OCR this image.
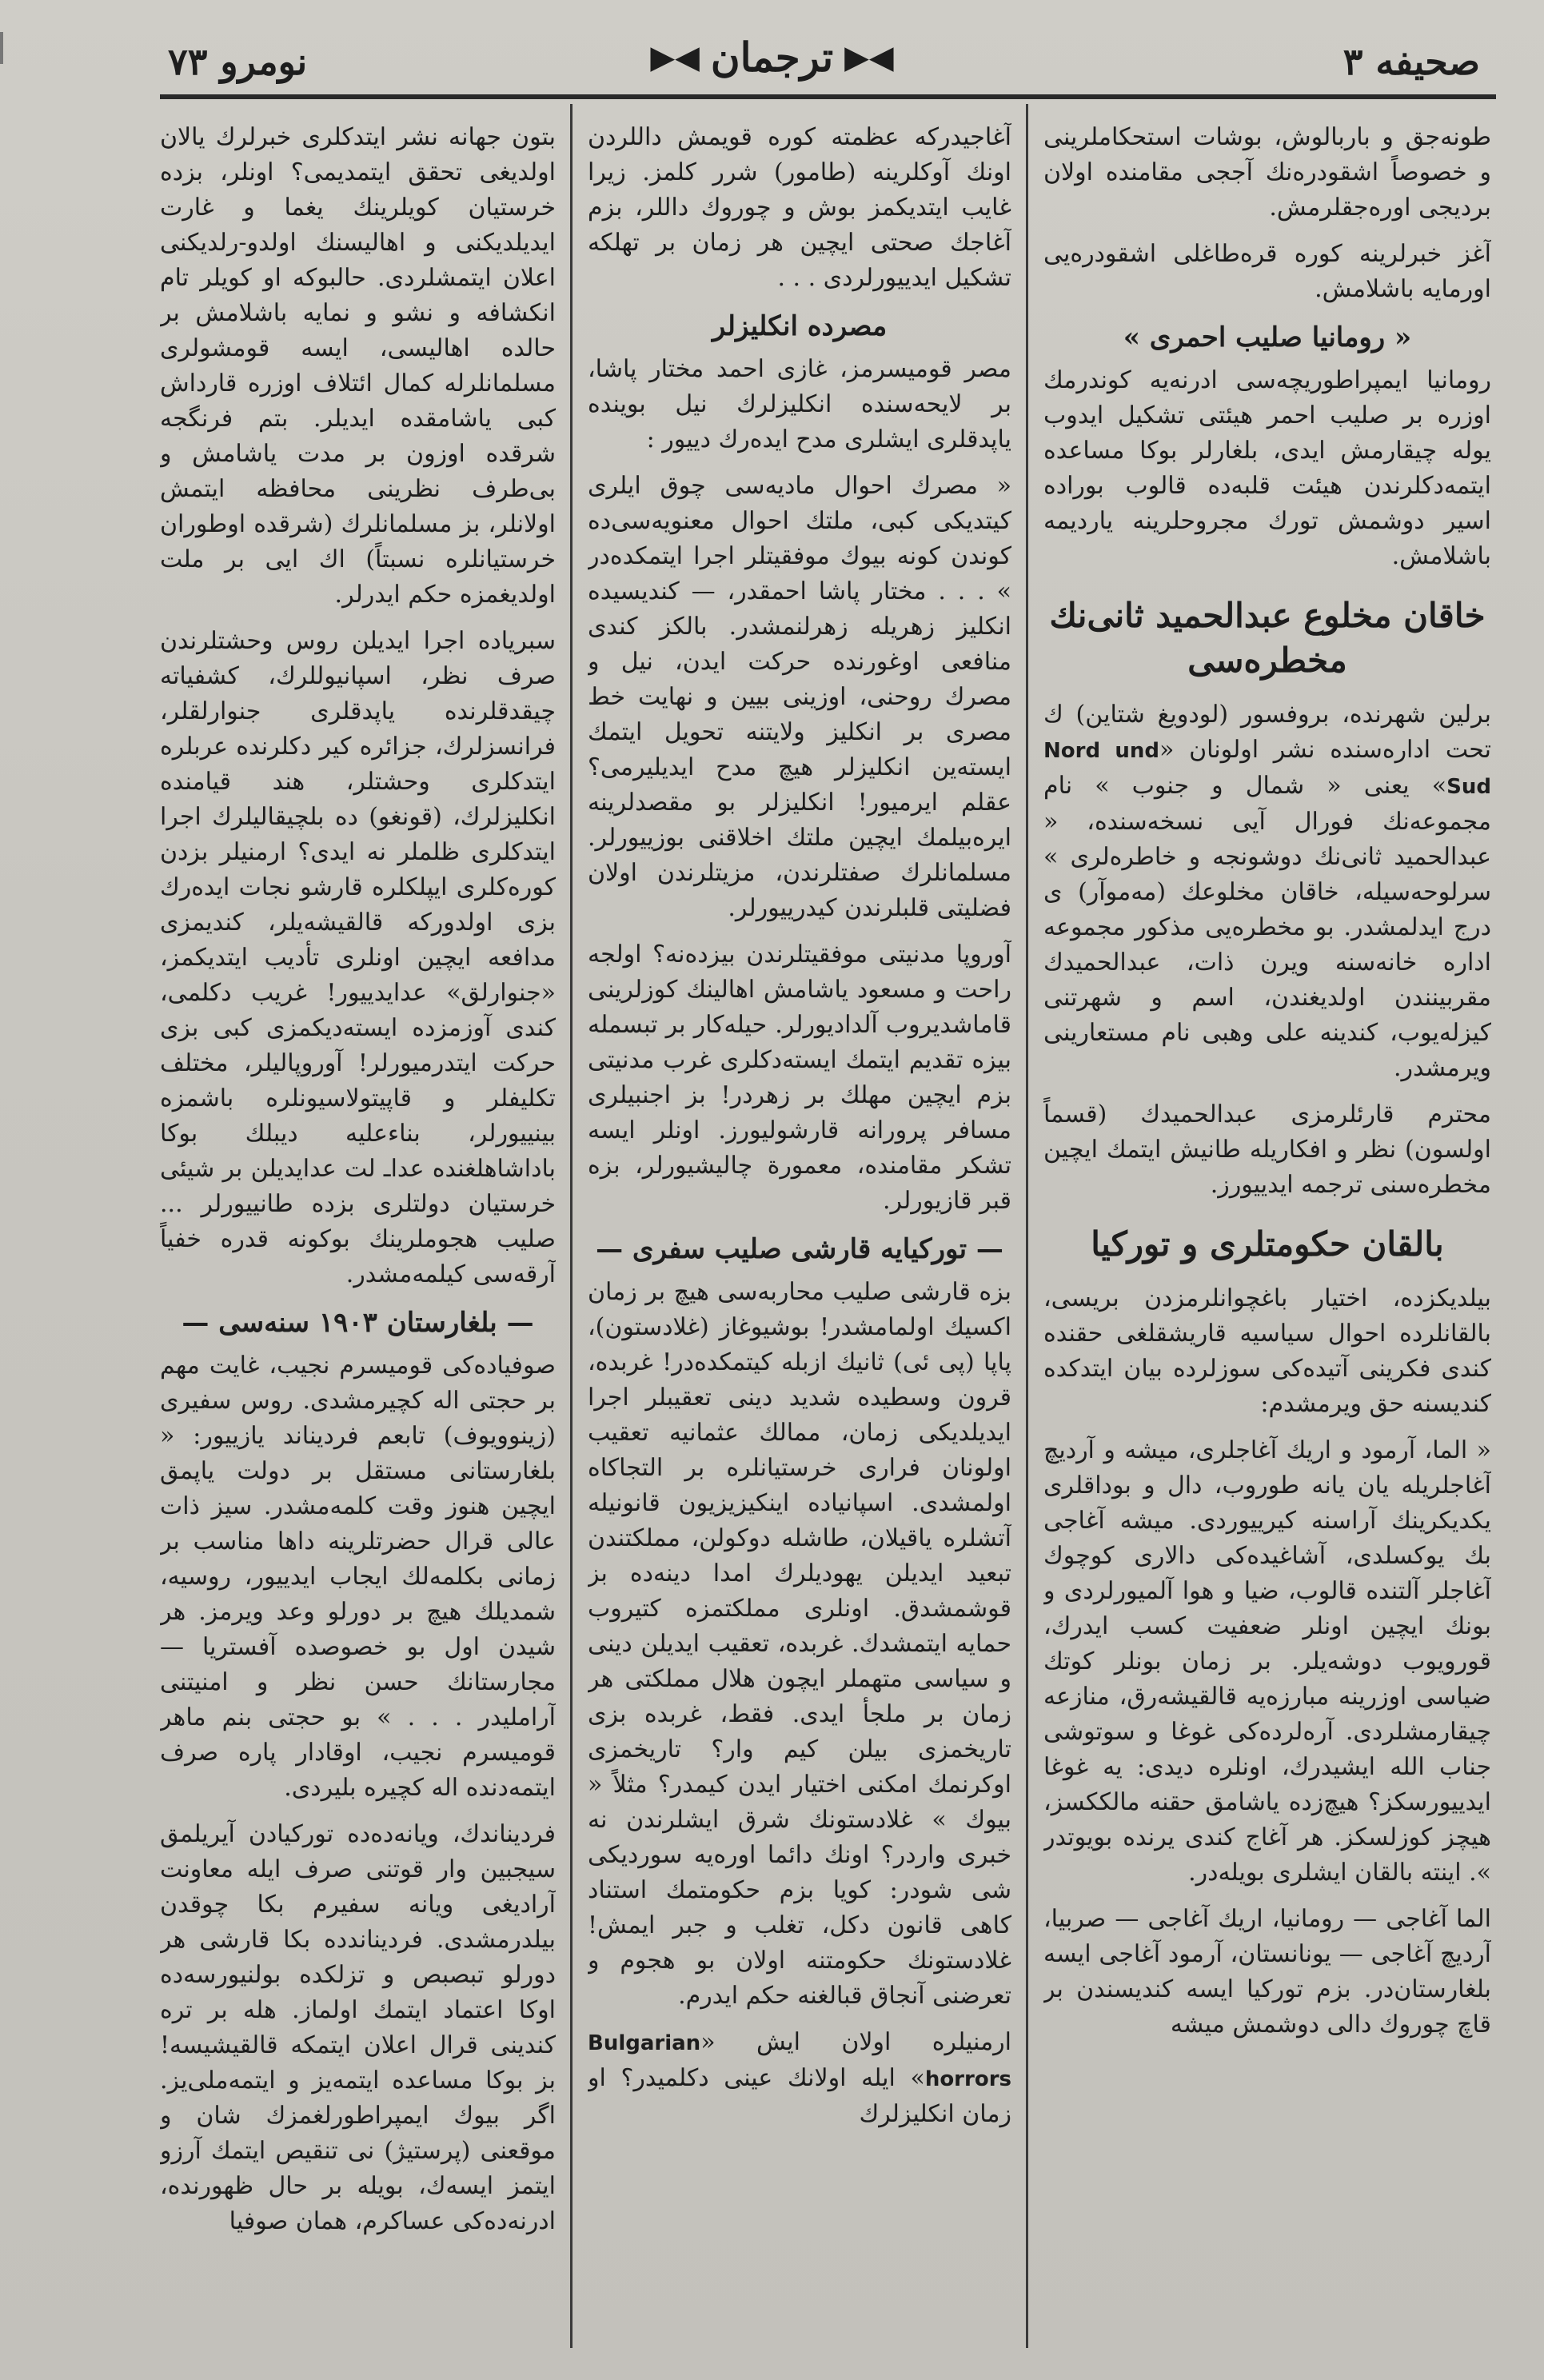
صحيفه ٣
◀▶
ترجمان
◀▶
نومرو ٧٣

طونه‌جق و باربالوش، بوشات استحكاملرینی و خصوصاً اشقودره‌نك آججى مقامنده اولان بردیجى اوره‌جقلرمش.

آغز خبرلرینه كوره قره‌طاغلى اشقودره‌یى اورمایه باشلامش.

« رومانیا صلیب احمرى »

رومانیا ایمپراطوریچه‌سى ادرنه‌یه كوندرمك اوزره بر صلیب احمر هیئتى تشكیل ایدوب یوله چیقارمش ایدى، بلغارلر بوكا مساعده ایتمه‌دكلرندن هیئت قلبه‌ده قالوب بوراده اسیر دوشمش تورك مجروحلرینه یاردیمه باشلامش.

خاقان مخلوع عبدالحمید ثانی‌نك مخطره‌سى

برلین شهرنده، بروفسور (لودویغ شتاین) ك تحت اداره‌سنده نشر اولونان «Nord und Sud» یعنى « شمال و جنوب » نام مجموعه‌نك فورال آیى نسخه‌سنده، « عبدالحمید ثانى‌نك دوشونجه و خاطره‌لرى » سرلوحه‌سیله، خاقان مخلوعك (مه‌موآر) ى درج ایدلمشدر. بو مخطره‌یى مذكور مجموعه اداره خانه‌سنه ویرن ذات، عبدالحمیدك مقربینندن اولدیغندن، اسم و شهرتنى كیزله‌یوب، كندینه على وهبى نام مستعارینى ویرمشدر.

محترم قارئلرمزى عبدالحمیدك (قسماً اولسون) نظر و افكاریله طانیش ایتمك ایچین مخطره‌سنى ترجمه ایدییورز.

بالقان حكومتلرى و توركیا

بیلدیكزده، اختیار باغچوانلرمزدن بریسى، بالقانلرده احوال سیاسیه قاریشقلغى حقنده كندى فكرینى آتیده‌كى سوزلرده بیان ایتدكده كندیسنه حق ویرمشدم:

« الما، آرمود و اریك آغاجلرى، میشه و آردیچ آغاجلریله یان یانه طوروب، دال و بوداقلرى یكدیكرینك آراسنه كیرییوردى. میشه آغاجى بك یوكسلدى، آشاغیده‌كى دالارى كوچوك آغاجلر آلتنده قالوب، ضیا و هوا آلمیورلردى و بونك ایچین اونلر ضعفیت كسب ایدرك، قورویوب دوشه‌یلر. بر زمان بونلر كوتك ضیاسى اوزرینه مبارزه‌یه قالقیشه‌رق، منازعه چیقارمشلردى. آره‌لرده‌كى غوغا و سوتوشى جناب الله ایشیدرك، اونلره دیدى: یه غوغا ایدییورسكز؟ هیچ‌زده یاشامق حقنه مالككسز، هیچز كوزلسكز. هر آغاج كندى یرنده بویوتدر ». اینته بالقان ایشلرى بویله‌در.

الما آغاجى — رومانیا، اریك آغاجى — صربیا، آردیچ آغاجى — یونانستان، آرمود آغاجى ایسه بلغارستان‌در. بزم توركیا ایسه كندیسندن بر قاچ چوروك دالى دوشمش میشه

آغاجیدرکه عظمته كوره قویمش داللردن اونك آوكلرینه (طامور) شرر كلمز. زیرا غایب ایتدیكمز بوش و چوروك داللر، بزم آغاجك صحتى ایچین هر زمان بر تهلكه تشكیل ایدییورلردى . . .

مصرده انكلیزلر

مصر قومیسرمز، غازى احمد مختار پاشا، بر لایحه‌سنده انكلیزلرك نیل بوینده یاپدقلرى ایشلرى مدح ایده‌رك دییور :

« مصرك احوال مادیه‌سى چوق ایلرى كیتدیكى كبى، ملتك احوال معنویه‌سى‌ده كوندن كونه بیوك موفقیتلر اجرا ایتمكده‌در » . . . مختار پاشا احمقدر، — كندیسیده انكلیز زهریله زهرلنمشدر. بالكز كندى منافعى اوغورنده حركت ایدن، نیل و مصرك روحنى، اوزینى بیین و نهایت خط مصرى بر انكلیز ولایتنه تحویل ایتمك ایسته‌ین انكلیزلر هیچ مدح ایدیلیرمى؟ عقلم ایرمیور! انكلیزلر بو مقصدلرینه ایره‌بیلمك ایچین ملتك اخلاقنى بوزییورلر. مسلمانلرك صفتلرندن، مزیتلرندن اولان فضلیتى قلبلرندن كیدرییورلر.

آوروپا مدنیتى موفقیتلرندن بیزده‌نه؟ اولجه راحت و مسعود یاشامش اهالینك كوزلرینى قاماشدیروب آلدادیورلر. حیله‌كار بر تبسمله بیزه تقدیم ایتمك ایسته‌دكلرى غرب مدنیتى بزم ایچین مهلك بر زهردر! بز اجنبیلرى مسافر پرورانه قارشولیورز. اونلر ایسه تشكر مقامنده، معمورة چالیشیورلر، بزه قبر قازیورلر.

— توركیایه قارشى صلیب سفرى —

بزه قارشى صلیب محاربه‌سى هیچ بر زمان اكسیك اولمامشدر! بوشیوغاز (غلادستون)، پاپا (پى ئى) ثانیك ازبله كیتمكده‌در! غربده، قرون وسطیده شدید دینى تعقیبلر اجرا ایدیلدیكى زمان، ممالك عثمانیه تعقیب اولونان فرارى خرستیانلره بر التجاكاه اولمشدى. اسپانیاده اینكیزیزیون قانونیله آتشلره یاقیلان، طاشله دوكولن، مملكتندن تبعید ایدیلن یهودیلرك امدا دینه‌ده بز قوشمشدق. اونلرى مملكتمزه كتیروب حمایه ایتمشدك. غربده، تعقیب ایدیلن دینى و سیاسى متهملر ایچون هلال مملكتى هر زمان بر ملجأ ایدى. فقط، غربده بزى تاریخمزى بیلن كیم وار؟ تاریخمزى اوكرنمك امكنى اختیار ایدن كیمدر؟ مثلاً « بیوك » غلادستونك شرق ایشلرندن نه خبرى واردر؟ اونك دائما اوره‌یه سوردیكى شى شودر: كویا بزم حكومتمك استناد كاهى قانون دكل، تغلب و جبر ایمش! غلادستونك حكومتنه اولان بو هجوم و تعرضنى آنجاق قبالغنه حكم ایدرم.

ارمنیلره اولان ایش «Bulgarian horrors» ایله اولانك عینى دكلمیدر؟ او زمان انكلیزلرك

بتون جهانه نشر ایتدكلرى خبرلرك یالان اولدیغى تحقق ایتمدیمى؟ اونلر، بزده خرستیان كویلرینك یغما و غارت ایدیلدیكنى و اهالیسنك اولدو-رلدیكنى اعلان ایتمشلردى. حالبوكه او كویلر تام انكشافه و نشو و نمایه باشلامش بر حالده اهالیسى، ایسه قومشولرى مسلمانلرله كمال ائتلاف اوزره قارداش كبى یاشامقده ایدیلر. بتم فرنگجه شرقده اوزون بر مدت یاشامش و بى‌طرف نظرینى محافظه ایتمش اولانلر، بز مسلمانلرك (شرقده اوطوران خرستیانلره نسبتاً) اك ایى بر ملت اولدیغمزه حكم ایدرلر.

سبریاده اجرا ایدیلن روس وحشتلرندن صرف نظر، اسپانیوللرك، كشفیاته چیقدقلرنده یاپدقلرى جنوارلقلر، فرانسزلرك، جزائره كیر دكلرنده عربلره ایتدكلرى وحشتلر، هند قیامنده انكلیزلرك، (قونغو) ده بلچیقالیلرك اجرا ایتدكلرى ظلملر نه ایدى؟ ارمنیلر بزدن كوره‌كلرى ایپلكلره قارشو نجات ایده‌رك بزى اولدوركه قالقیشه‌یلر، كندیمزى مدافعه ایچین اونلرى تأدیب ایتدیكمز، «جنوارلق» عدایدییور! غریب دكلمى، كندى آوزمزده ایسته‌دیكمزى كبى بزى حركت ایتدرمیورلر! آوروپالیلر، مختلف تكلیفلر و قاپیتولاسیونلره باشمزه بینییورلر، بناء‌علیه دیبلك بوكا باداشاهلغنده عداـ لت عدایدیلن بر شیئى خرستیان دولتلرى بزده طانییورلر ... صلیب هجوملرینك بوكونه قدره خفیاً آرقه‌سى كیلمه‌مشدر.

— بلغارستان ۱۹۰۳ سنه‌سى —

صوفیاده‌كى قومیسرم نجیب، غایت مهم بر حجتى اله كچیرمشدى. روس سفیرى (زینوویوف) تابعم فردیناند یازییور: « بلغارستانى مستقل بر دولت یاپمق ایچین هنوز وقت كلمه‌مشدر. سیز ذات عالى قرال حضرتلرینه داها مناسب بر زمانى بكلمه‌لك ایجاب ایدییور، روسیه، شمدیلك هیچ بر دورلو وعد ویرمز. هر شیدن اول بو خصوصده آفستریا — مجارستانك حسن نظر و امنیتنى آراملیدر . . . » بو حجتى بنم ماهر قومیسرم نجیب، اوقادار پاره صرف ایتمه‌دنده اله كچیره بلیردى.

فردیناندك، ویانه‌ده‌ده توركیادن آیریلمق سیجبین وار قوتنى صرف ایله معاونت آرادیغى ویانه سفیرم بكا چوقدن بیلدرمشدى. فردیناندده بكا قارشى هر دورلو تبصبص و تزلكده بولنیورسه‌ده اوكا اعتماد ایتمك اولماز. هله بر تره كندینى قرال اعلان ایتمكه قالقیشیسه! بز بوكا مساعده ایتمه‌یز و ایتمه‌ملى‌یز. اگر بیوك ایمپراطورلغمزك شان و موقعنى (پرستیژ) نى تنقیص ایتمك آرزو ایتمز ایسه‌ك، بویله بر حال ظهورنده، ادرنه‌ده‌كى عساكرم، همان صوفیا
